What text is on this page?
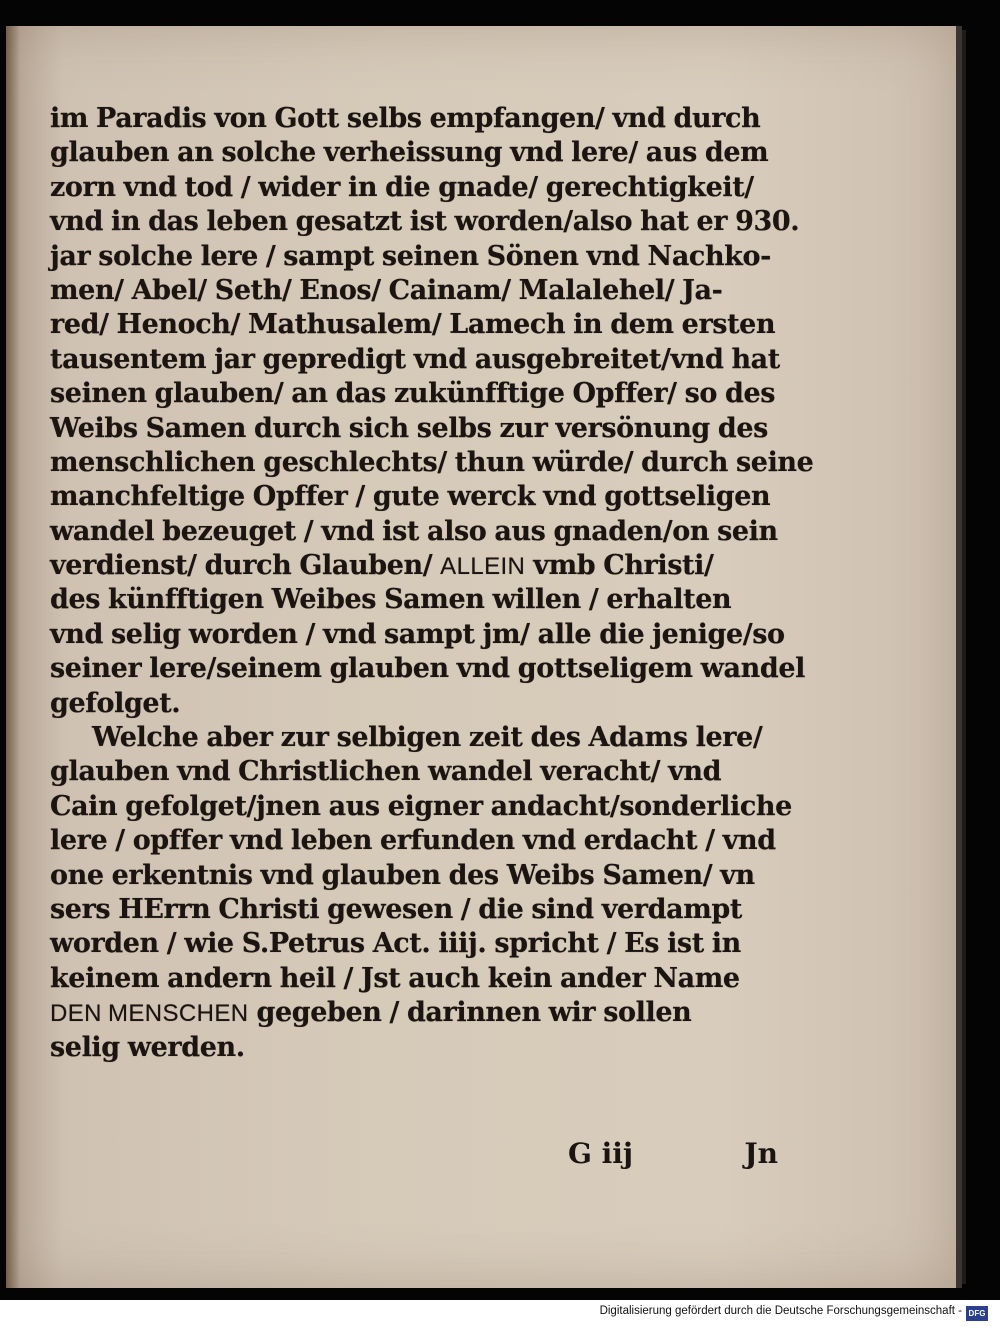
im Paradis von Gott selbs empfangen/ vnd durch
glauben an solche verheissung vnd lere/ aus dem
zorn vnd tod / wider in die gnade/ gerechtigkeit/
vnd in das leben gesatzt ist worden/also hat er 930.
jar solche lere / sampt seinen Sönen vnd Nachko-
men/ Abel/ Seth/ Enos/ Cainam/ Malalehel/ Ja-
red/ Henoch/ Mathusalem/ Lamech in dem ersten
tausentem jar gepredigt vnd ausgebreitet/vnd hat
seinen glauben/ an das zukünfftige Opffer/ so des
Weibs Samen durch sich selbs zur versönung des
menschlichen geschlechts/ thun würde/ durch seine
manchfeltige Opffer / gute werck vnd gottseligen
wandel bezeuget / vnd ist also aus gnaden/on sein
verdienst/ durch Glauben/ ALLEIN vmb Christi/
des künfftigen Weibes Samen willen / erhalten
vnd selig worden / vnd sampt jm/ alle die jenige/so
seiner lere/seinem glauben vnd gottseligem wandel
gefolget.
Welche aber zur selbigen zeit des Adams lere/
glauben vnd Christlichen wandel veracht/ vnd
Cain gefolget/jnen aus eigner andacht/sonderliche
lere / opffer vnd leben erfunden vnd erdacht / vnd
one erkentnis vnd glauben des Weibs Samen/ vn
sers HErrn Christi gewesen / die sind verdampt
worden / wie S.Petrus Act. iiij. spricht / Es ist in
keinem andern heil / Jst auch kein ander Name
DEN MENSCHEN gegeben / darinnen wir sollen
selig werden.
G iij	Jn
Digitalisierung gefördert durch die Deutsche Forschungsgemeinschaft - DFG
